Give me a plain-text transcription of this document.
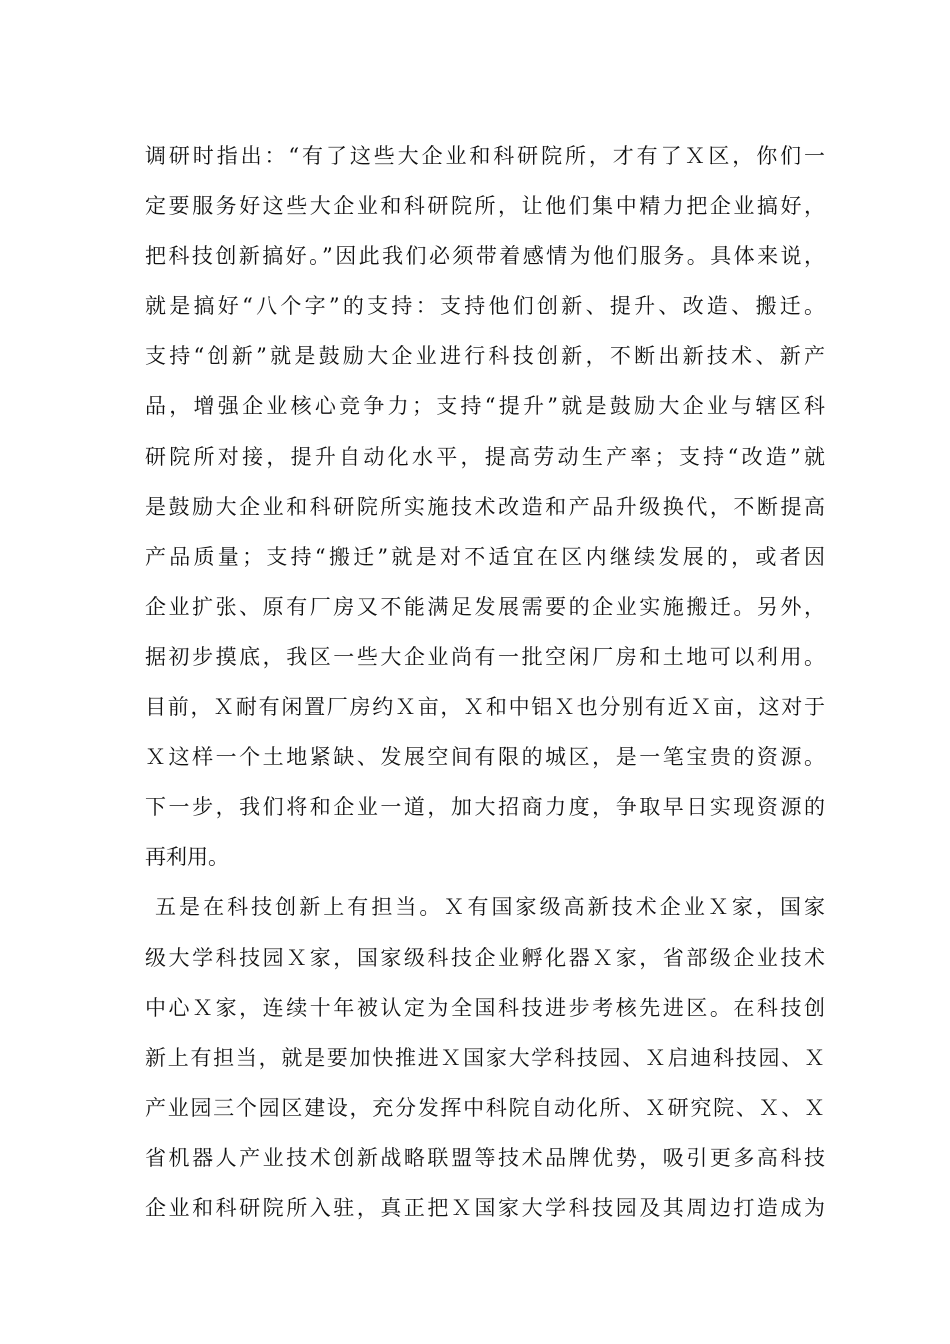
调研时指出：“有了这些大企业和科研院所，才有了Ｘ区，你们一
定要服务好这些大企业和科研院所，让他们集中精力把企业搞好，
把科技创新搞好。”因此我们必须带着感情为他们服务。具体来说，
就是搞好“八个字”的支持：支持他们创新、提升、改造、搬迁。
支持“创新”就是鼓励大企业进行科技创新，不断出新技术、新产
品，增强企业核心竞争力；支持“提升”就是鼓励大企业与辖区科
研院所对接，提升自动化水平，提高劳动生产率；支持“改造”就
是鼓励大企业和科研院所实施技术改造和产品升级换代，不断提高
产品质量；支持“搬迁”就是对不适宜在区内继续发展的，或者因
企业扩张、原有厂房又不能满足发展需要的企业实施搬迁。另外，
据初步摸底，我区一些大企业尚有一批空闲厂房和土地可以利用。
目前，Ｘ耐有闲置厂房约Ｘ亩，Ｘ和中铝Ｘ也分别有近Ｘ亩，这对于
Ｘ这样一个土地紧缺、发展空间有限的城区，是一笔宝贵的资源。
下一步，我们将和企业一道，加大招商力度，争取早日实现资源的
再利用。
五是在科技创新上有担当。Ｘ有国家级高新技术企业Ｘ家，国家
级大学科技园Ｘ家，国家级科技企业孵化器Ｘ家，省部级企业技术
中心Ｘ家，连续十年被认定为全国科技进步考核先进区。在科技创
新上有担当，就是要加快推进Ｘ国家大学科技园、Ｘ启迪科技园、Ｘ
产业园三个园区建设，充分发挥中科院自动化所、Ｘ研究院、Ｘ、Ｘ
省机器人产业技术创新战略联盟等技术品牌优势，吸引更多高科技
企业和科研院所入驻，真正把Ｘ国家大学科技园及其周边打造成为
